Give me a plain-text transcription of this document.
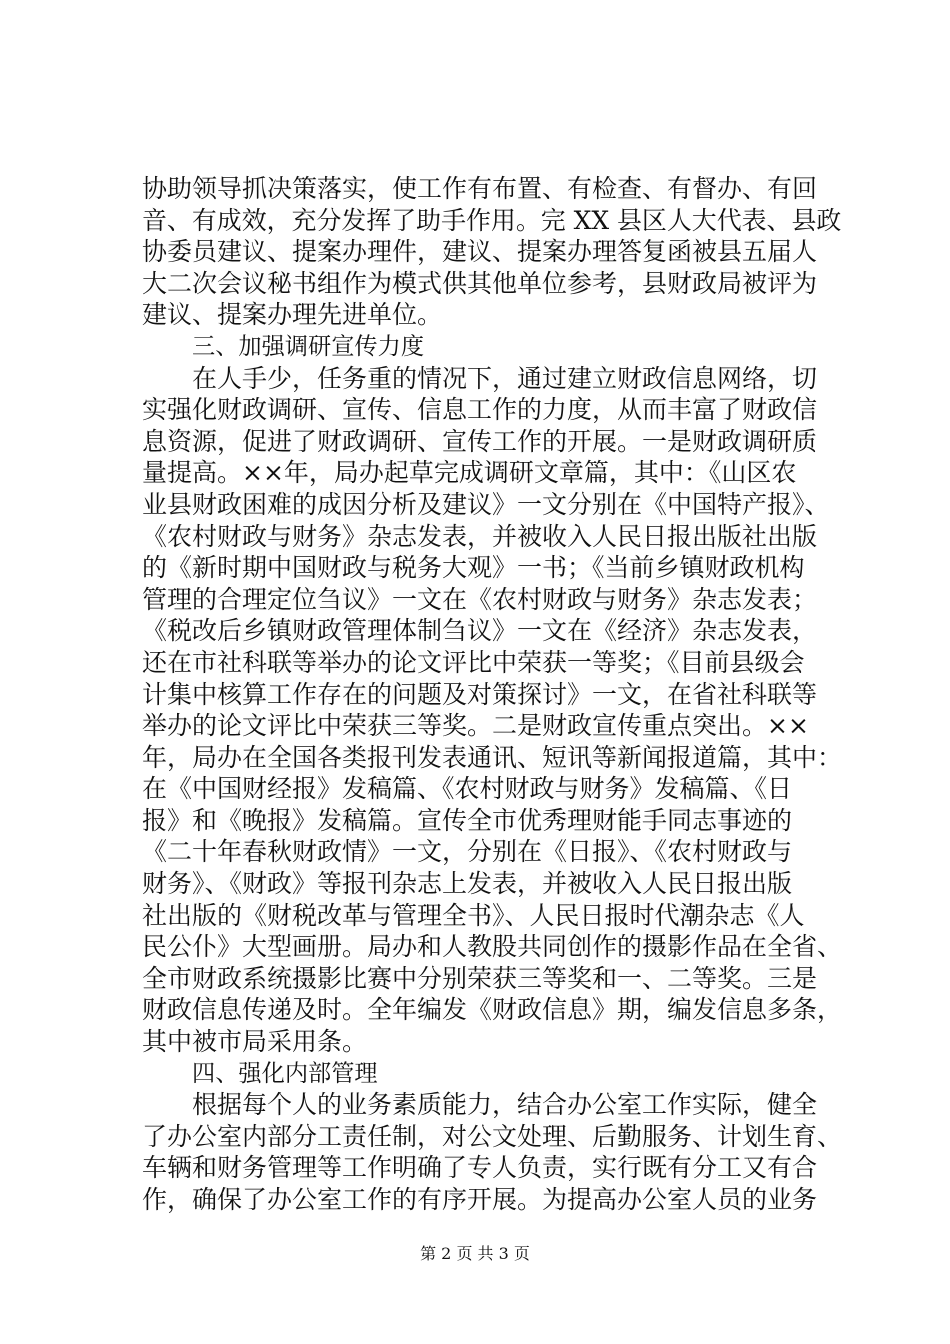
协助领导抓决策落实，使工作有布置、有检查、有督办、有回
音、有成效，充分发挥了助手作用。完 XX 县区人大代表、县政
协委员建议、提案办理件，建议、提案办理答复函被县五届人
大二次会议秘书组作为模式供其他单位参考，县财政局被评为
建议、提案办理先进单位。
三、加强调研宣传力度
　　在人手少，任务重的情况下，通过建立财政信息网络，切
实强化财政调研、宣传、信息工作的力度，从而丰富了财政信
息资源，促进了财政调研、宣传工作的开展。一是财政调研质
量提高。××年，局办起草完成调研文章篇，其中：《山区农
业县财政困难的成因分析及建议》一文分别在《中国特产报》、
《农村财政与财务》杂志发表，并被收入人民日报出版社出版
的《新时期中国财政与税务大观》一书；《当前乡镇财政机构
管理的合理定位刍议》一文在《农村财政与财务》杂志发表；
《税改后乡镇财政管理体制刍议》一文在《经济》杂志发表，
还在市社科联等举办的论文评比中荣获一等奖；《目前县级会
计集中核算工作存在的问题及对策探讨》一文，在省社科联等
举办的论文评比中荣获三等奖。二是财政宣传重点突出。××
年，局办在全国各类报刊发表通讯、短讯等新闻报道篇，其中：
在《中国财经报》发稿篇、《农村财政与财务》发稿篇、《日
报》和《晚报》发稿篇。宣传全市优秀理财能手同志事迹的
《二十年春秋财政情》一文，分别在《日报》、《农村财政与
财务》、《财政》等报刊杂志上发表，并被收入人民日报出版
社出版的《财税改革与管理全书》、人民日报时代潮杂志《人
民公仆》大型画册。局办和人教股共同创作的摄影作品在全省、
全市财政系统摄影比赛中分别荣获三等奖和一、二等奖。三是
财政信息传递及时。全年编发《财政信息》期，编发信息多条，
其中被市局采用条。
四、强化内部管理
　　根据每个人的业务素质能力，结合办公室工作实际，健全
了办公室内部分工责任制，对公文处理、后勤服务、计划生育、
车辆和财务管理等工作明确了专人负责，实行既有分工又有合
作，确保了办公室工作的有序开展。为提高办公室人员的业务
第 2 页 共 3 页
